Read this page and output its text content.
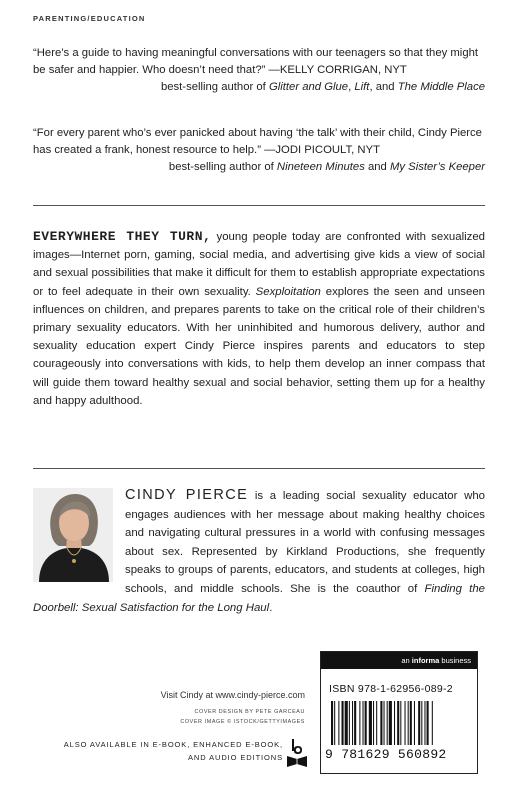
PARENTING/EDUCATION
“Here’s a guide to having meaningful conversations with our teenagers so that they might be safer and happier. Who doesn’t need that?” —KELLY CORRIGAN, NYT
best-selling author of Glitter and Glue, Lift, and The Middle Place
“For every parent who’s ever panicked about having ‘the talk’ with their child, Cindy Pierce has created a frank, honest resource to help.” —JODI PICOULT, NYT
best-selling author of Nineteen Minutes and My Sister’s Keeper
EVERYWHERE THEY TURN, young people today are confronted with sexualized images—Internet porn, gaming, social media, and advertising give kids a view of social and sexual possibilities that make it difficult for them to establish appropriate expectations or to feel adequate in their own sexuality. Sexploitation explores the seen and unseen influences on children, and prepares parents to take on the critical role of their children’s primary sexuality educators. With her uninhibited and humorous delivery, author and sexuality education expert Cindy Pierce inspires parents and educators to step courageously into conversations with kids, to help them develop an inner compass that will guide them toward healthy sexual and social behavior, setting them up for a healthy and happy adulthood.
CINDY PIERCE is a leading social sexuality educator who engages audiences with her message about making healthy choices and navigating cultural pressures in a world with confusing messages about sex. Represented by Kirkland Productions, she frequently speaks to groups of parents, educators, and students at colleges, high schools, and middle schools. She is the coauthor of Finding the Doorbell: Sexual Satisfaction for the Long Haul.
Visit Cindy at www.cindy-pierce.com
COVER DESIGN BY PETE GARCEAU
COVER IMAGE © ISTOCK/GETTYIMAGES
ALSO AVAILABLE IN E-BOOK, ENHANCED E-BOOK,
AND AUDIO EDITIONS
an informa business
ISBN 978-1-62956-089-2
9 781629 560892
